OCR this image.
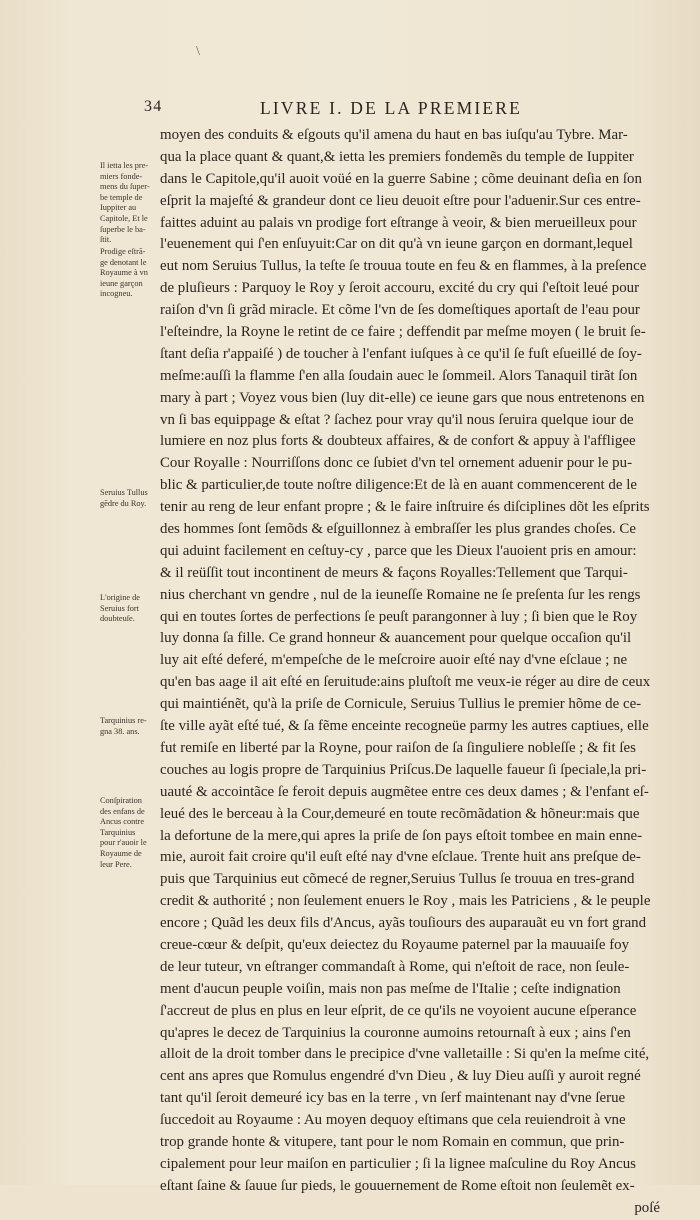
\
34	LIVRE I. DE LA PREMIERE
moyen des conduits & eſgouts qu'il amena du haut en bas iuſqu'au Tybre. Mar-
qua la place quant & quant,& ietta les premiers fondemẽs du temple de Iuppiter
dans le Capitole,qu'il auoit voüé en la guerre Sabine ; cõme deuinant deſia en ſon
eſprit la majeſté & grandeur dont ce lieu deuoit eſtre pour l'aduenir.Sur ces entre-
faittes aduint au palais vn prodige fort eſtrange à veoir, & bien merueilleux pour
l'euenement qui ſ'en enſuyuit:Car on dit qu'à vn ieune garçon en dormant,lequel
eut nom Seruius Tullus, la teſte ſe trouua toute en feu & en flammes, à la preſence
de pluſieurs : Parquoy le Roy y ſeroit accouru, excité du cry qui ſ'eſtoit leué pour
raiſon d'vn ſi grãd miracle. Et cõme l'vn de ſes domeſtiques aportaſt de l'eau pour
l'eſteindre, la Royne le retint de ce faire ; deffendit par meſme moyen ( le bruit ſe-
ſtant deſia r'appaiſé ) de toucher à l'enfant iuſques à ce qu'il ſe fuſt eſueillé de ſoy-
meſme:auſſi la flamme ſ'en alla ſoudain auec le ſommeil. Alors Tanaquil tirãt ſon
mary à part ; Voyez vous bien (luy dit-elle) ce ieune gars que nous entretenons en
vn ſi bas equippage & eſtat ? ſachez pour vray qu'il nous ſeruira quelque iour de
lumiere en noz plus forts & doubteux affaires, & de confort & appuy à l'affligee
Cour Royalle : Nourriſſons donc ce ſubiet d'vn tel ornement aduenir pour le pu-
blic & particulier,de toute noſtre diligence:Et de là en auant commencerent de le
tenir au reng de leur enfant propre ; & le faire inſtruire és diſciplines dõt les eſprits
des hommes ſont ſemõds & eſguillonnez à embraſſer les plus grandes choſes. Ce
qui aduint facilement en ceſtuy-cy , parce que les Dieux l'auoient pris en amour:
& il reüſſit tout incontinent de meurs & façons Royalles:Tellement que Tarqui-
nius cherchant vn gendre , nul de la ieuneſſe Romaine ne ſe preſenta ſur les rengs
qui en toutes ſortes de perfections ſe peuſt parangonner à luy ; ſi bien que le Roy
luy donna ſa fille. Ce grand honneur & auancement pour quelque occaſion qu'il
luy ait eſté deferé, m'empeſche de le meſcroire auoir eſté nay d'vne eſclaue ; ne
qu'en bas aage il ait eſté en ſeruitude:ains pluſtoſt me veux-ie réger au dire de ceux
qui maintiénẽt, qu'à la priſe de Cornicule, Seruius Tullius le premier hõme de ce-
ſte ville ayãt eſté tué, & ſa fẽme enceinte recogneüe parmy les autres captiues, elle
fut remiſe en liberté par la Royne, pour raiſon de ſa ſinguliere nobleſſe ; & fit ſes
couches au logis propre de Tarquinius Priſcus.De laquelle faueur ſi ſpeciale,la pri-
uauté & accointãce ſe feroit depuis augmẽtee entre ces deux dames ; & l'enfant eſ-
leué des le berceau à la Cour,demeuré en toute recõmãdation & hõneur:mais que
la defortune de la mere,qui apres la priſe de ſon pays eſtoit tombee en main enne-
mie, auroit fait croire qu'il euſt eſté nay d'vne eſclaue. Trente huit ans preſque de-
puis que Tarquinius eut cõmecé de regner,Seruius Tullus ſe trouua en tres-grand
credit & authorité ; non ſeulement enuers le Roy , mais les Patriciens , & le peuple
encore ; Quãd les deux fils d'Ancus, ayãs touſiours des auparauãt eu vn fort grand
creue-cœur & deſpit, qu'eux deiectez du Royaume paternel par la mauuaiſe foy
de leur tuteur, vn eſtranger commandaſt à Rome, qui n'eſtoit de race, non ſeule-
ment d'aucun peuple voiſin, mais non pas meſme de l'Italie ; ceſte indignation
ſ'accreut de plus en plus en leur eſprit, de ce qu'ils ne voyoient aucune eſperance
qu'apres le decez de Tarquinius la couronne aumoins retournaſt à eux ; ains ſ'en
alloit de la droit tomber dans le precipice d'vne valletaille : Si qu'en la meſme cité,
cent ans apres que Romulus engendré d'vn Dieu , & luy Dieu auſſi y auroit regné
tant qu'il ſeroit demeuré icy bas en la terre , vn ſerf maintenant nay d'vne ſerue
ſuccedoit au Royaume : Au moyen dequoy eſtimans que cela reuiendroit à vne
trop grande honte & vitupere, tant pour le nom Romain en commun, que prin-
cipalement pour leur maiſon en particulier ; ſi la lignee maſculine du Roy Ancus
eſtant ſaine & ſauue ſur pieds, le gouuernement de Rome eſtoit non ſeulemẽt ex-
poſé
Il ietta les pre-
miers fonde-
mens du ſuper-
be temple de
Iuppiter au
Capitole, Et le
ſuperbe le ba-
ſtit.
Prodige eſtrã-
ge denotant le
Royaume à vn
ieune garçon
incogneu.
Seruius Tullus
gẽdre du Roy.
L'origine de
Seruius fort
doubteuſe.
Tarquinius re-
gna 38. ans.
Conſpiration
des enfans de
Ancus contre
Tarquinius
pour r'auoir le
Royaume de
leur Pere.
